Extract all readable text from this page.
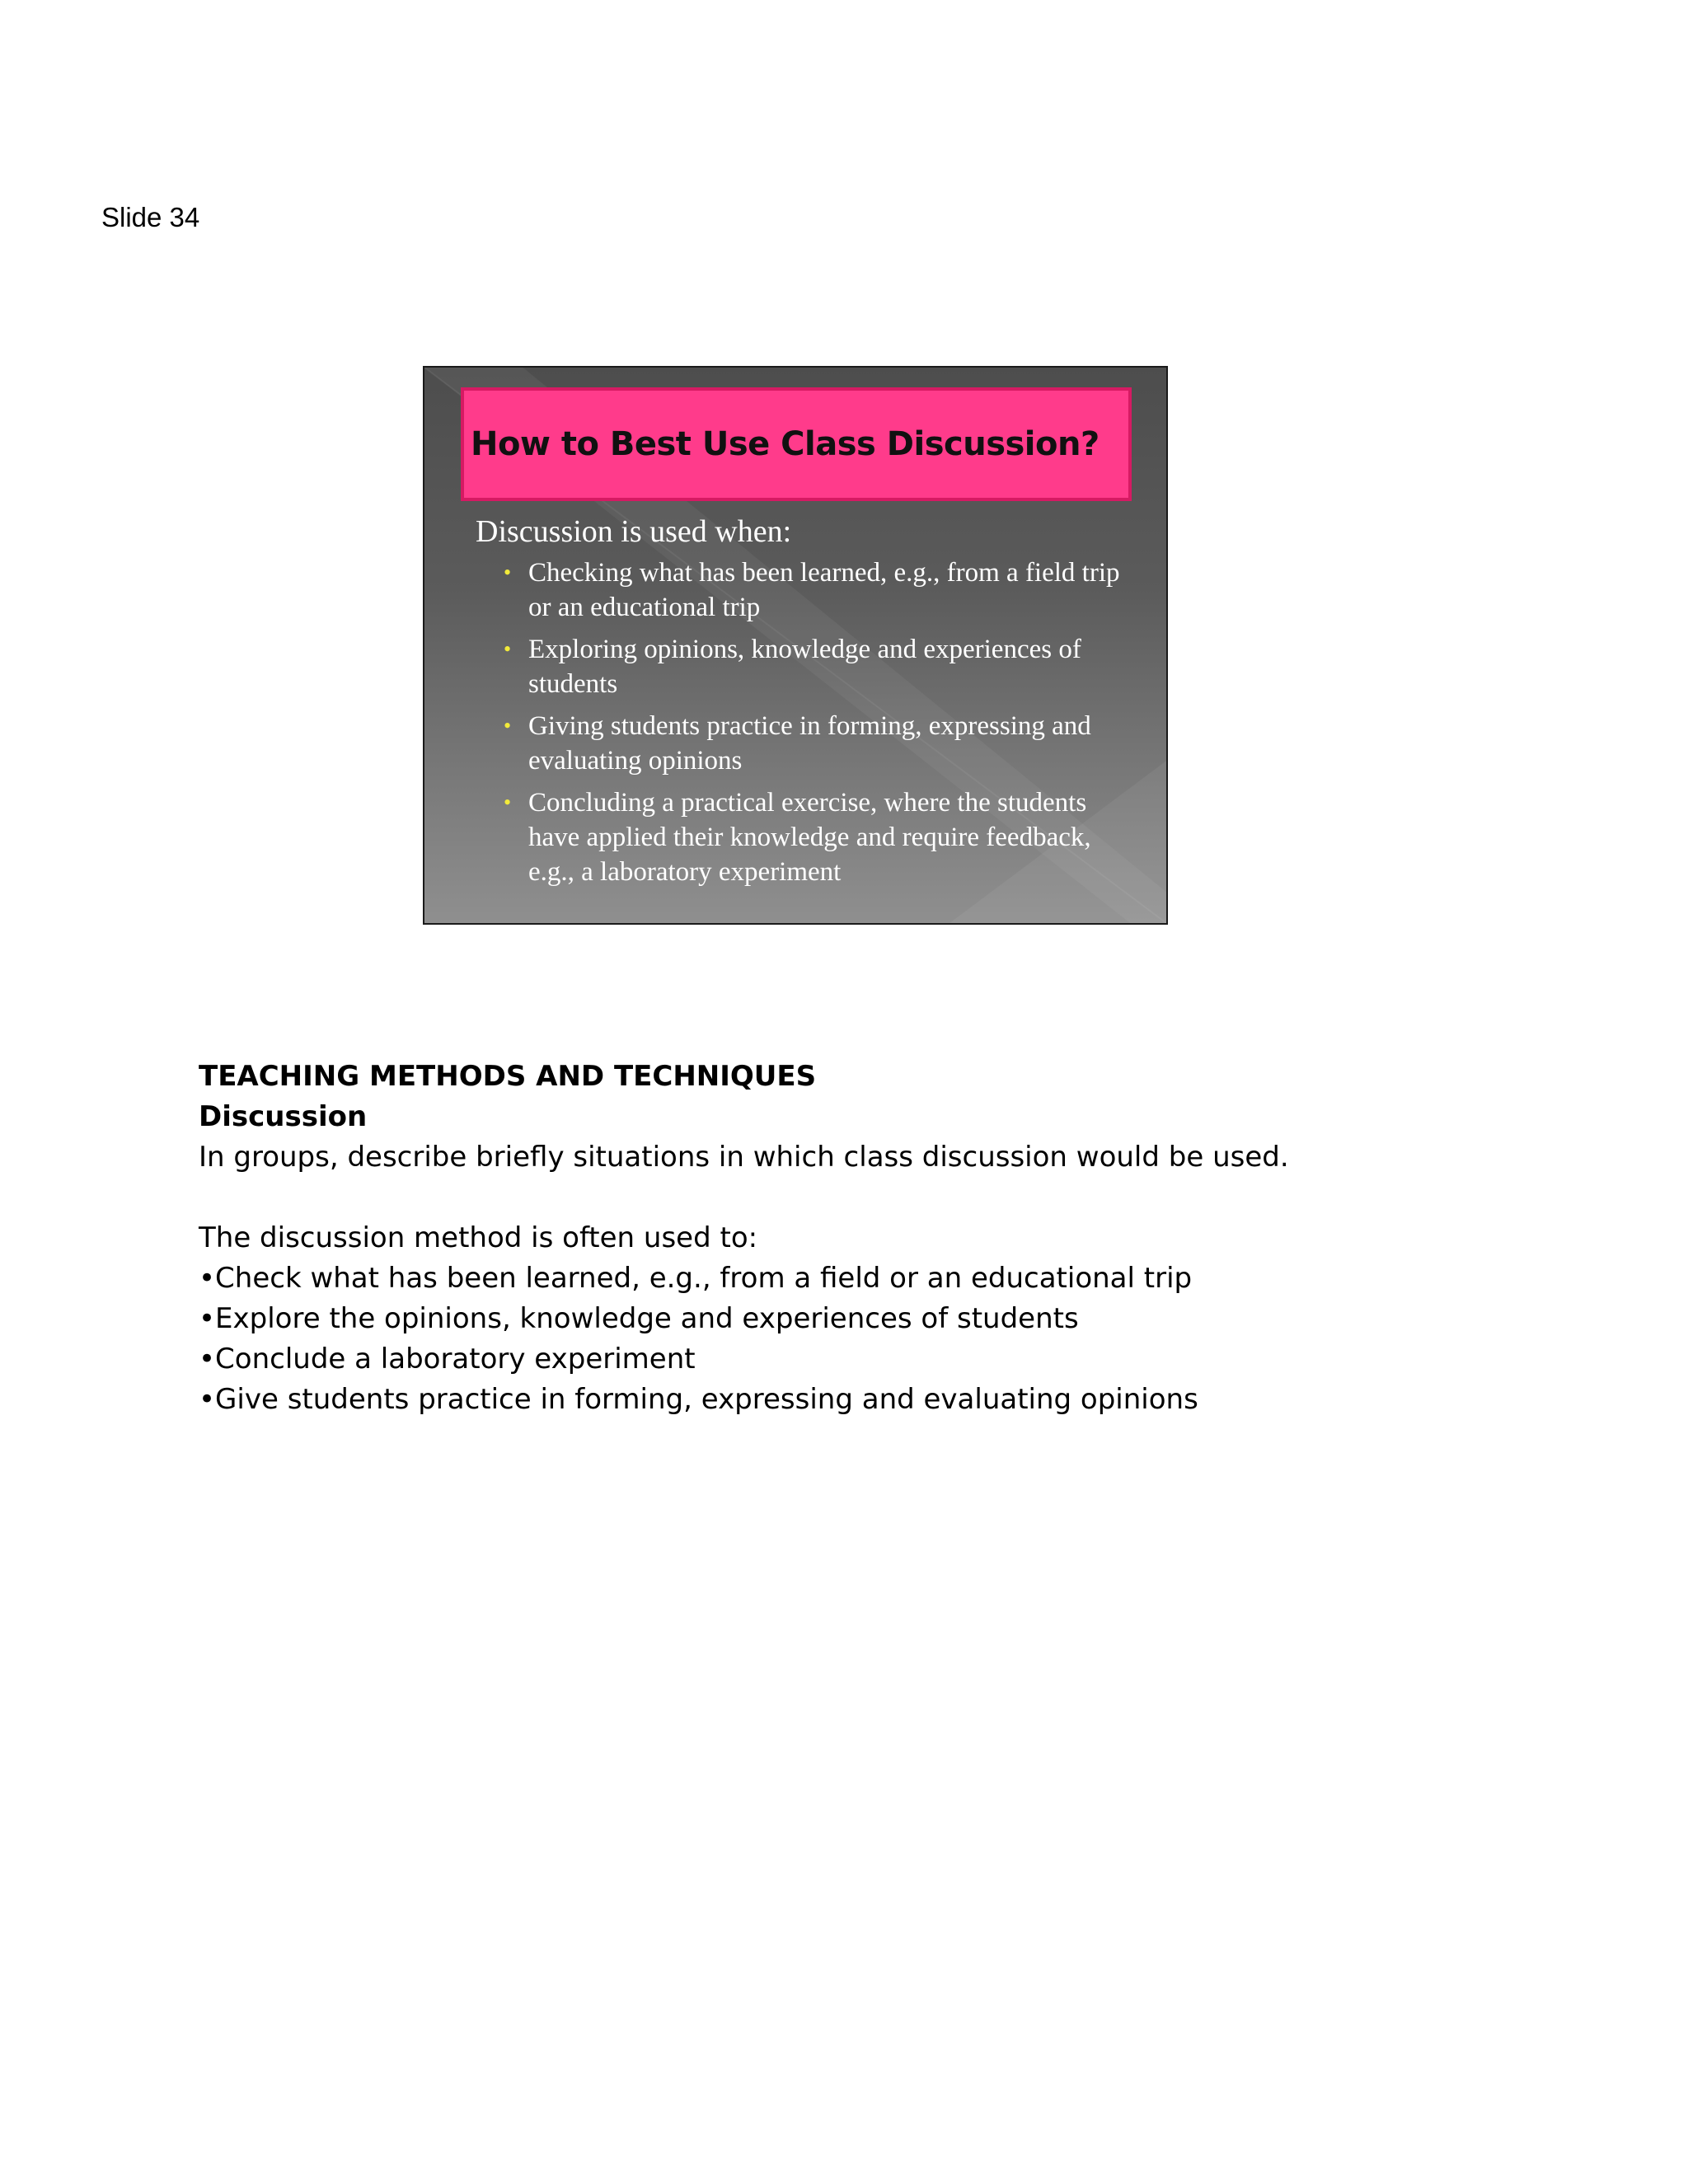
Slide 34
How to Best Use Class Discussion?

Discussion is used when:

• Checking what has been learned, e.g., from a field trip or an educational trip
• Exploring opinions, knowledge and experiences of students
• Giving students practice in forming, expressing and evaluating opinions
• Concluding a practical exercise, where the students have applied their knowledge and require feedback, e.g., a laboratory experiment

TEACHING METHODS AND TECHNIQUES

Discussion

In groups, describe briefly situations in which class discussion would be used.

The discussion method is often used to:

•Check what has been learned, e.g., from a field or an educational trip
•Explore the opinions, knowledge and experiences of students
•Conclude a laboratory experiment
•Give students practice in forming, expressing and evaluating opinions
